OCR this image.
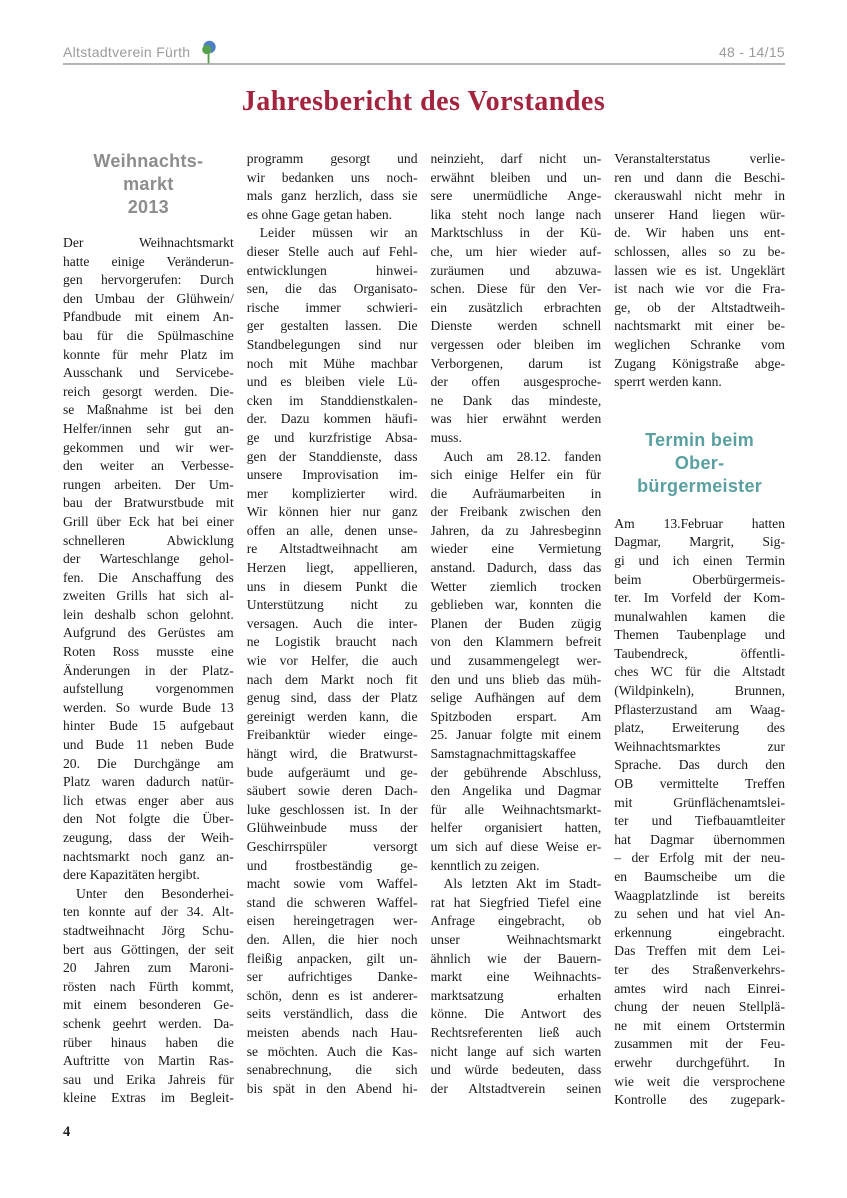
Altstadtverein Fürth	48 - 14/15
Jahresbericht des Vorstandes
Weihnachts-
markt
2013
Der Weihnachtsmarkt
hatte einige Veränderun-
gen hervorgerufen: Durch
den Umbau der Glühwein/
Pfandbude mit einem An-
bau für die Spülmaschine
konnte für mehr Platz im
Ausschank und Servicebe-
reich gesorgt werden. Die-
se Maßnahme ist bei den
Helfer/innen sehr gut an-
gekommen und wir wer-
den weiter an Verbesse-
rungen arbeiten. Der Um-
bau der Bratwurstbude mit
Grill über Eck hat bei einer
schnelleren Abwicklung
der Warteschlange gehol-
fen. Die Anschaffung des
zweiten Grills hat sich al-
lein deshalb schon gelohnt.
Aufgrund des Gerüstes am
Roten Ross musste eine
Änderungen in der Platz-
aufstellung vorgenommen
werden. So wurde Bude 13
hinter Bude 15 aufgebaut
und Bude 11 neben Bude
20. Die Durchgänge am
Platz waren dadurch natür-
lich etwas enger aber aus
den Not folgte die Über-
zeugung, dass der Weih-
nachtsmarkt noch ganz an-
dere Kapazitäten hergibt.
Unter den Besonderhei-
ten konnte auf der 34. Alt-
stadtweihnacht Jörg Schu-
bert aus Göttingen, der seit
20 Jahren zum Maroni-
rösten nach Fürth kommt,
mit einem besonderen Ge-
schenk geehrt werden. Da-
rüber hinaus haben die
Auftritte von Martin Ras-
sau und Erika Jahreis für
kleine Extras im Begleit-
programm gesorgt und
wir bedanken uns noch-
mals ganz herzlich, dass sie
es ohne Gage getan haben.
Leider müssen wir an
dieser Stelle auch auf Fehl-
entwicklungen hinwei-
sen, die das Organisato-
rische immer schwieri-
ger gestalten lassen. Die
Standbelegungen sind nur
noch mit Mühe machbar
und es bleiben viele Lü-
cken im Standdienstkalen-
der. Dazu kommen häufi-
ge und kurzfristige Absa-
gen der Standdienste, dass
unsere Improvisation im-
mer komplizierter wird.
Wir können hier nur ganz
offen an alle, denen unse-
re Altstadtweihnacht am
Herzen liegt, appellieren,
uns in diesem Punkt die
Unterstützung nicht zu
versagen. Auch die inter-
ne Logistik braucht nach
wie vor Helfer, die auch
nach dem Markt noch fit
genug sind, dass der Platz
gereinigt werden kann, die
Freibanktür wieder einge-
hängt wird, die Bratwurst-
bude aufgeräumt und ge-
säubert sowie deren Dach-
luke geschlossen ist. In der
Glühweinbude muss der
Geschirrspüler versorgt
und frostbeständig ge-
macht sowie vom Waffel-
stand die schweren Waffel-
eisen hereingetragen wer-
den. Allen, die hier noch
fleißig anpacken, gilt un-
ser aufrichtiges Danke-
schön, denn es ist anderer-
seits verständlich, dass die
meisten abends nach Hau-
se möchten. Auch die Kas-
senabrechnung, die sich
bis spät in den Abend hi-
neinzieht, darf nicht un-
erwähnt bleiben und un-
sere unermüdliche Ange-
lika steht noch lange nach
Marktschluss in der Kü-
che, um hier wieder auf-
zuräumen und abzuwa-
schen. Diese für den Ver-
ein zusätzlich erbrachten
Dienste werden schnell
vergessen oder bleiben im
Verborgenen, darum ist
der offen ausgesproche-
ne Dank das mindeste,
was hier erwähnt werden
muss.
Auch am 28.12. fanden
sich einige Helfer ein für
die Aufräumarbeiten in
der Freibank zwischen den
Jahren, da zu Jahresbeginn
wieder eine Vermietung
anstand. Dadurch, dass das
Wetter ziemlich trocken
geblieben war, konnten die
Planen der Buden zügig
von den Klammern befreit
und zusammengelegt wer-
den und uns blieb das müh-
selige Aufhängen auf dem
Spitzboden erspart. Am
25. Januar folgte mit einem
Samstagnachmittagskaffee
der gebührende Abschluss,
den Angelika und Dagmar
für alle Weihnachtsmarkt-
helfer organisiert hatten,
um sich auf diese Weise er-
kenntlich zu zeigen.
Als letzten Akt im Stadt-
rat hat Siegfried Tiefel eine
Anfrage eingebracht, ob
unser Weihnachtsmarkt
ähnlich wie der Bauern-
markt eine Weihnachts-
marktsatzung erhalten
könne. Die Antwort des
Rechtsreferenten ließ auch
nicht lange auf sich warten
und würde bedeuten, dass
der Altstadtverein seinen
Veranstalterstatus verlie-
ren und dann die Beschi-
ckerauswahl nicht mehr in
unserer Hand liegen wür-
de. Wir haben uns ent-
schlossen, alles so zu be-
lassen wie es ist. Ungeklärt
ist nach wie vor die Fra-
ge, ob der Altstadtweih-
nachtsmarkt mit einer be-
weglichen Schranke vom
Zugang Königstraße abge-
sperrt werden kann.
Termin beim
Ober-
bürgermeister
Am 13.Februar hatten
Dagmar, Margrit, Sig-
gi und ich einen Termin
beim Oberbürgermeis-
ter. Im Vorfeld der Kom-
munalwahlen kamen die
Themen Taubenplage und
Taubendreck, öffentli-
ches WC für die Altstadt
(Wildpinkeln), Brunnen,
Pflasterzustand am Waag-
platz, Erweiterung des
Weihnachtsmarktes zur
Sprache. Das durch den
OB vermittelte Treffen
mit Grünflächenamtslei-
ter und Tiefbauamtleiter
hat Dagmar übernommen
– der Erfolg mit der neu-
en Baumscheibe um die
Waagplatzlinde ist bereits
zu sehen und hat viel An-
erkennung eingebracht.
Das Treffen mit dem Lei-
ter des Straßenverkehrs-
amtes wird nach Einrei-
chung der neuen Stellplä-
ne mit einem Ortstermin
zusammen mit der Feu-
erwehr durchgeführt. In
wie weit die versprochene
Kontrolle des zugepark-
4
